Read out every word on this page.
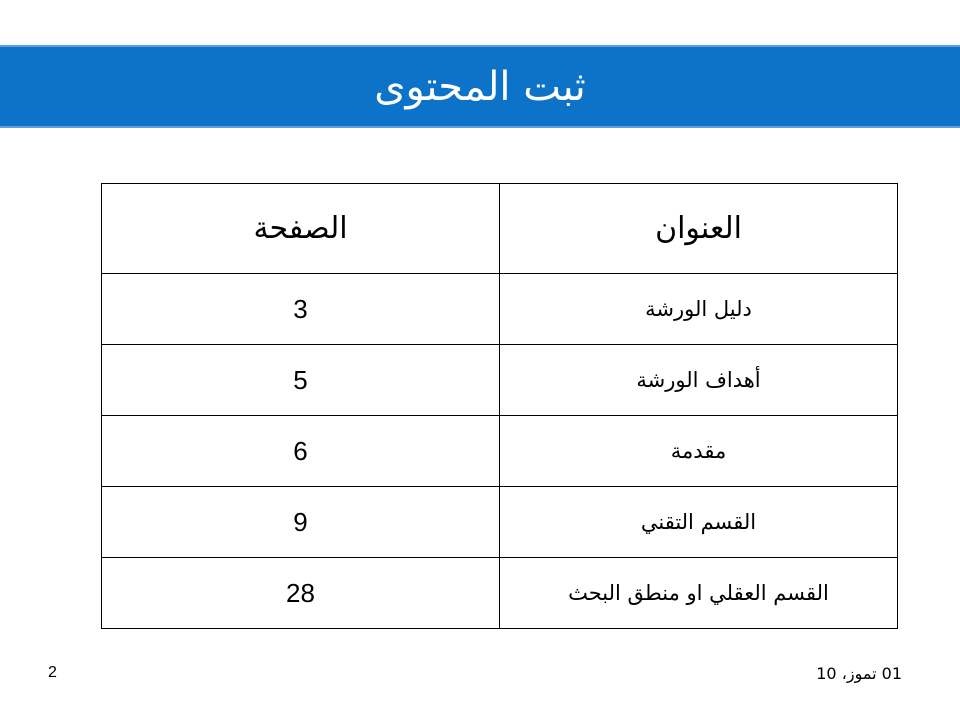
ثبت المحتوى
العنوان	الصفحة
دليل الورشة	3
أهداف الورشة	5
مقدمة	6
القسم التقني	9
القسم العقلي او منطق البحث	28
2	01 تموز، 10
